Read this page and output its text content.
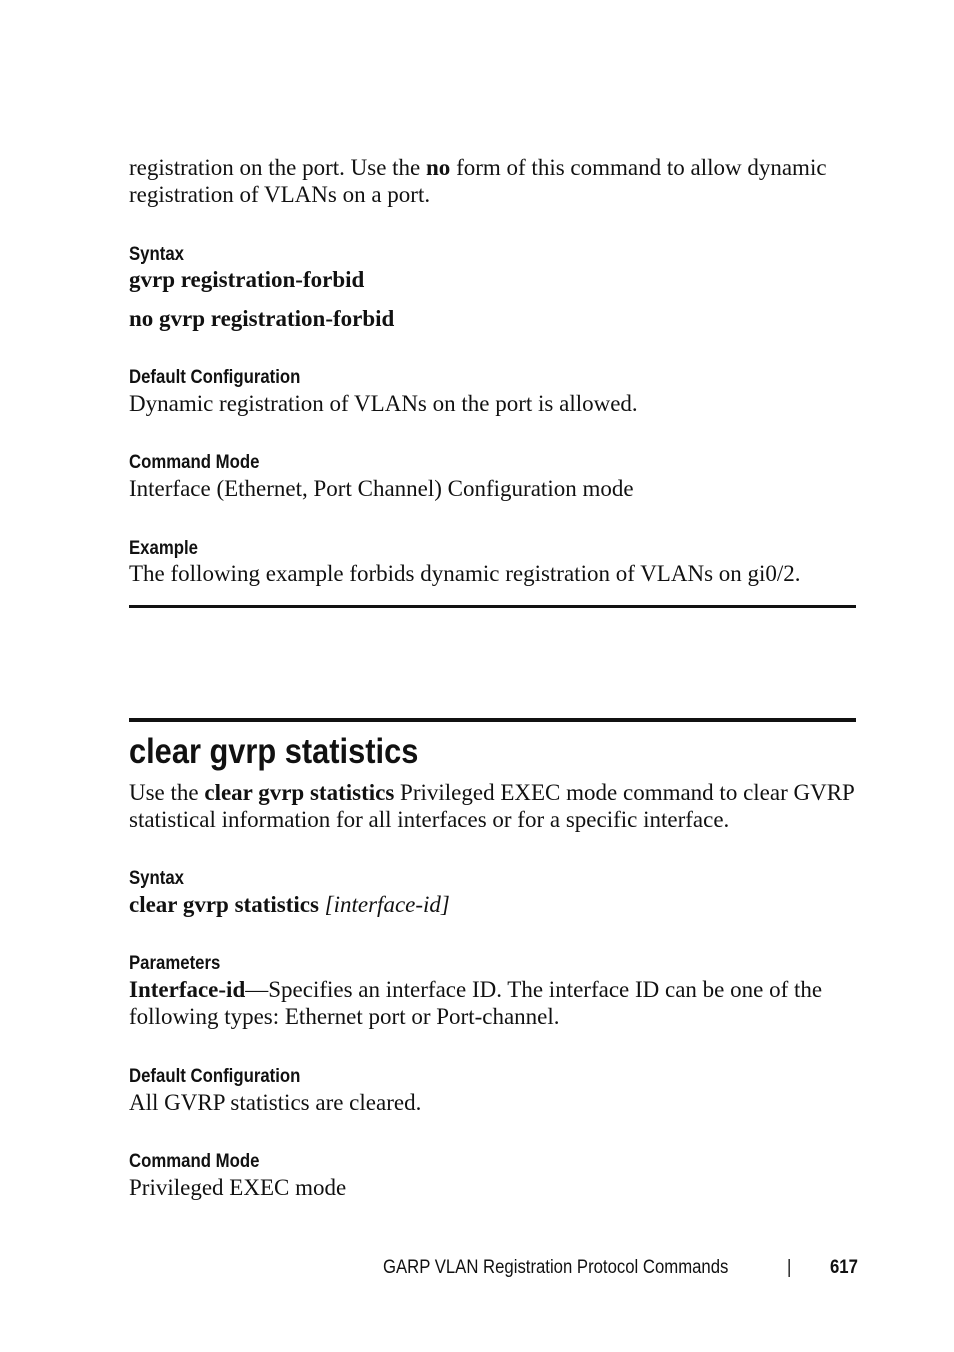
registration on the port. Use the no form of this command to allow dynamic
registration of VLANs on a port.

Syntax
gvrp registration-forbid
no gvrp registration-forbid
Default Configuration
Dynamic registration of VLANs on the port is allowed.
Command Mode
Interface (Ethernet, Port Channel) Configuration mode
Example
The following example forbids dynamic registration of VLANs on gi0/2.
clear gvrp statistics

Use the clear gvrp statistics Privileged EXEC mode command to clear GVRP
statistical information for all interfaces or for a specific interface.

Syntax
clear gvrp statistics [interface-id]
Parameters

Interface-id—Specifies an interface ID. The interface ID can be one of the
following types: Ethernet port or Port-channel.

Default Configuration
All GVRP statistics are cleared.
Command Mode
Privileged EXEC mode
GARP VLAN Registration Protocol Commands	| 617
